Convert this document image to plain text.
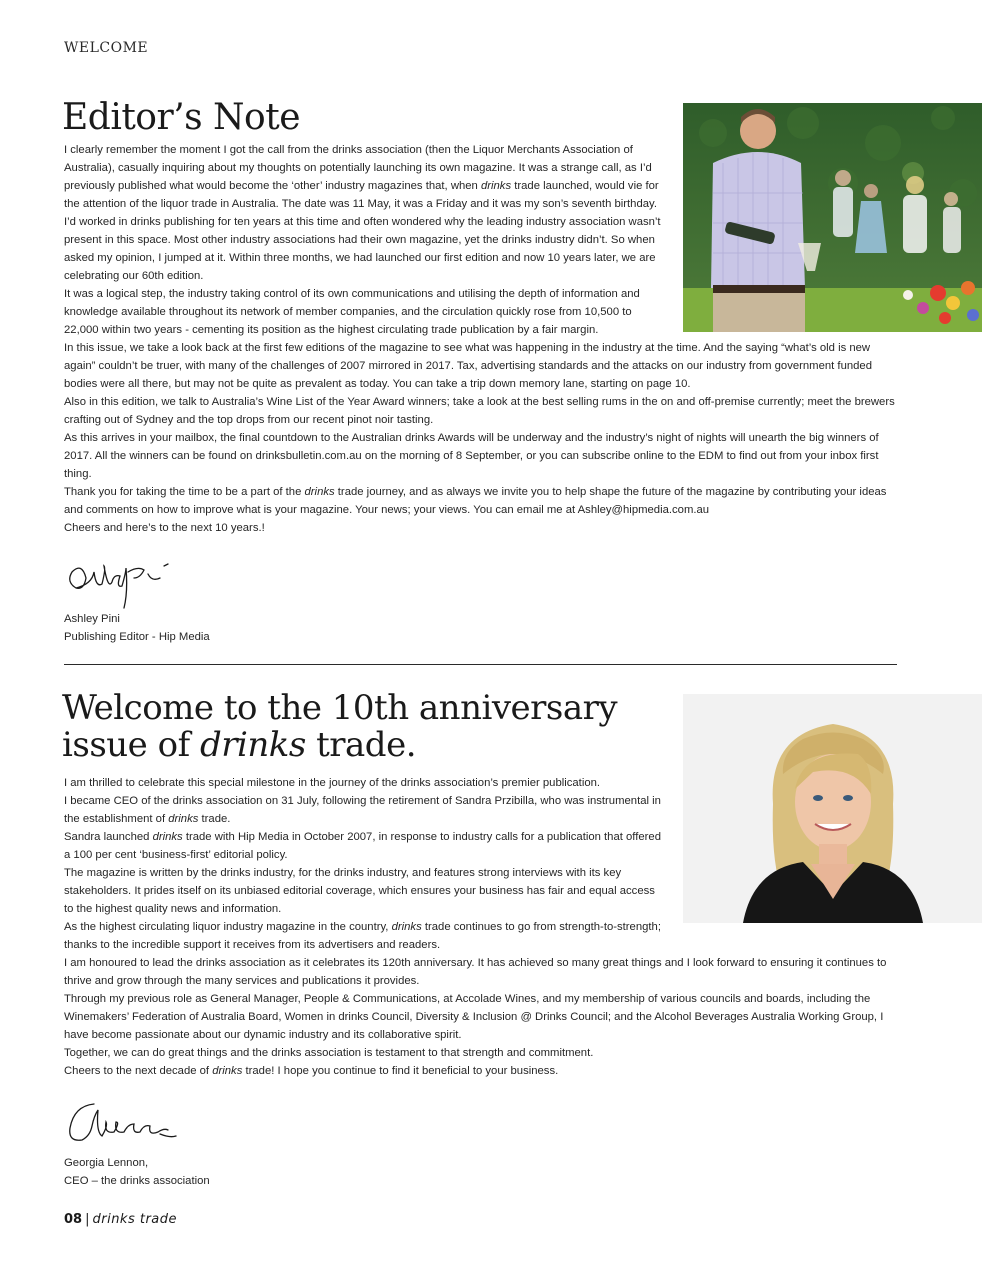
WELCOME
Editor’s Note

I clearly remember the moment I got the call from the drinks association (then the Liquor Merchants Association of Australia), casually inquiring about my thoughts on potentially launching its own magazine. It was a strange call, as I’d previously published what would become the ‘other’ industry magazines that, when drinks trade launched, would vie for the attention of the liquor trade in Australia. The date was 11 May, it was a Friday and it was my son’s seventh birthday.

I’d worked in drinks publishing for ten years at this time and often wondered why the leading industry association wasn’t present in this space. Most other industry associations had their own magazine, yet the drinks industry didn’t. So when asked my opinion, I jumped at it. Within three months, we had launched our first edition and now 10 years later, we are celebrating our 60th edition.

It was a logical step, the industry taking control of its own communications and utilising the depth of information and knowledge available throughout its network of member companies, and the circulation quickly rose from 10,500 to 22,000 within two years - cementing its position as the highest circulating trade publication by a fair margin.

In this issue, we take a look back at the first few editions of the magazine to see what was happening in the industry at the time. And the saying “what’s old is new again” couldn’t be truer, with many of the challenges of 2007 mirrored in 2017. Tax, advertising standards and the attacks on our industry from government funded bodies were all there, but may not be quite as prevalent as today. You can take a trip down memory lane, starting on page 10.

Also in this edition, we talk to Australia’s Wine List of the Year Award winners; take a look at the best selling rums in the on and off-premise currently; meet the brewers crafting out of Sydney and the top drops from our recent pinot noir tasting.

As this arrives in your mailbox, the final countdown to the Australian drinks Awards will be underway and the industry’s night of nights will unearth the big winners of 2017. All the winners can be found on drinksbulletin.com.au on the morning of 8 September, or you can subscribe online to the EDM to find out from your inbox first thing.

Thank you for taking the time to be a part of the drinks trade journey, and as always we invite you to help shape the future of the magazine by contributing your ideas and comments on how to improve what is your magazine. Your news; your views. You can email me at Ashley@hipmedia.com.au

Cheers and here’s to the next 10 years.!

Ashley Pini

Publishing Editor - Hip Media

Welcome to the 10th anniversary
issue of drinks trade.

I am thrilled to celebrate this special milestone in the journey of the drinks association’s premier publication.

I became CEO of the drinks association on 31 July, following the retirement of Sandra Przibilla, who was instrumental in the establishment of drinks trade.

Sandra launched drinks trade with Hip Media in October 2007, in response to industry calls for a publication that offered a 100 per cent ‘business-first’ editorial policy.

The magazine is written by the drinks industry, for the drinks industry, and features strong interviews with its key stakeholders. It prides itself on its unbiased editorial coverage, which ensures your business has fair and equal access to the highest quality news and information.

As the highest circulating liquor industry magazine in the country, drinks trade continues to go from strength-to-strength; thanks to the incredible support it receives from its advertisers and readers.

I am honoured to lead the drinks association as it celebrates its 120th anniversary. It has achieved so many great things and I look forward to ensuring it continues to thrive and grow through the many services and publications it provides.

Through my previous role as General Manager, People & Communications, at Accolade Wines, and my membership of various councils and boards, including the Winemakers’ Federation of Australia Board, Women in drinks Council, Diversity & Inclusion @ Drinks Council; and the Alcohol Beverages Australia Working Group, I have become passionate about our dynamic industry and its collaborative spirit.

Together, we can do great things and the drinks association is testament to that strength and commitment.

Cheers to the next decade of drinks trade! I hope you continue to find it beneficial to your business.

Georgia Lennon,

CEO – the drinks association

08 | drinks trade
